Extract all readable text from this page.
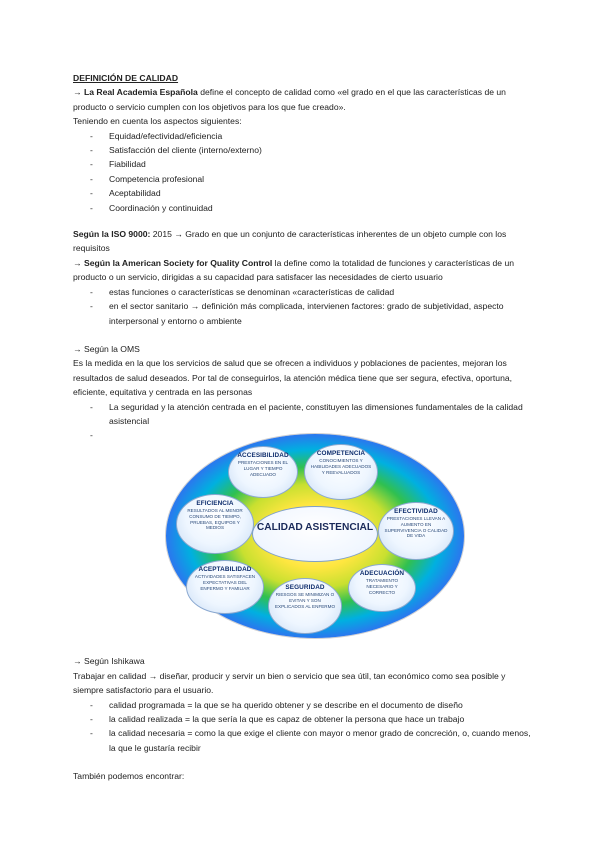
DEFINICIÓN DE CALIDAD

→ La Real Academia Española define el concepto de calidad como «el grado en el que las características de un producto o servicio cumplen con los objetivos para los que fue creado».

Teniendo en cuenta los aspectos siguientes:

- Equidad/efectividad/eficiencia
- Satisfacción del cliente (interno/externo)
- Fiabilidad
- Competencia profesional
- Aceptabilidad
- Coordinación y continuidad

Según la ISO 9000: 2015 → Grado en que un conjunto de características inherentes de un objeto cumple con los requisitos

→ Según la American Society for Quality Control la define como la totalidad de funciones y características de un producto o un servicio, dirigidas a su capacidad para satisfacer las necesidades de cierto usuario

- estas funciones o características se denominan «características de calidad
- en el sector sanitario → definición más complicada, intervienen factores: grado de subjetividad, aspecto interpersonal y entorno o ambiente

→ Según la OMS

Es la medida en la que los servicios de salud que se ofrecen a individuos y poblaciones de pacientes, mejoran los resultados de salud deseados. Por tal de conseguirlos, la atención médica tiene que ser segura, efectiva, oportuna, eficiente, equitativa y centrada en las personas

- La seguridad y la atención centrada en el paciente, constituyen las dimensiones fundamentales de la calidad asistencial
ACCESIBILIDAD
PRESTACIONES EN EL LUGAR Y TIEMPO ADECUADO
COMPETENCIA
CONOCIMIENTOS Y HABILIDADES ADECUADOS Y REEVALUADOS
EFICIENCIA
RESULTADOS AL MENOR CONSUMO DE TIEMPO, PRUEBAS, EQUIPOS Y MEDIOS
EFECTIVIDAD
PRESTACIONES LLEVAN A AUMENTO EN SUPERVIVENCIA O CALIDAD DE VIDA
ACEPTABILIDAD
ACTIVIDADES SATISFACEN EXPECTATIVAS DEL ENFERMO Y FAMILIAR	SEGURIDAD
RIESGOS SE MINIMIZAN O EVITAN Y SON EXPLICADOS AL ENFERMO
ADECUACIÓN
TRATAMIENTO NECESARIO Y CORRECTO
CALIDAD ASISTENCIAL

→ Según Ishikawa

Trabajar en calidad → diseñar, producir y servir un bien o servicio que sea útil, tan económico como sea posible y siempre satisfactorio para el usuario.

- calidad programada = la que se ha querido obtener y se describe en el documento de diseño
- la calidad realizada = la que sería la que es capaz de obtener la persona que hace un trabajo
- la calidad necesaria = como la que exige el cliente con mayor o menor grado de concreción, o, cuando menos, la que le gustaría recibir

También podemos encontrar:
